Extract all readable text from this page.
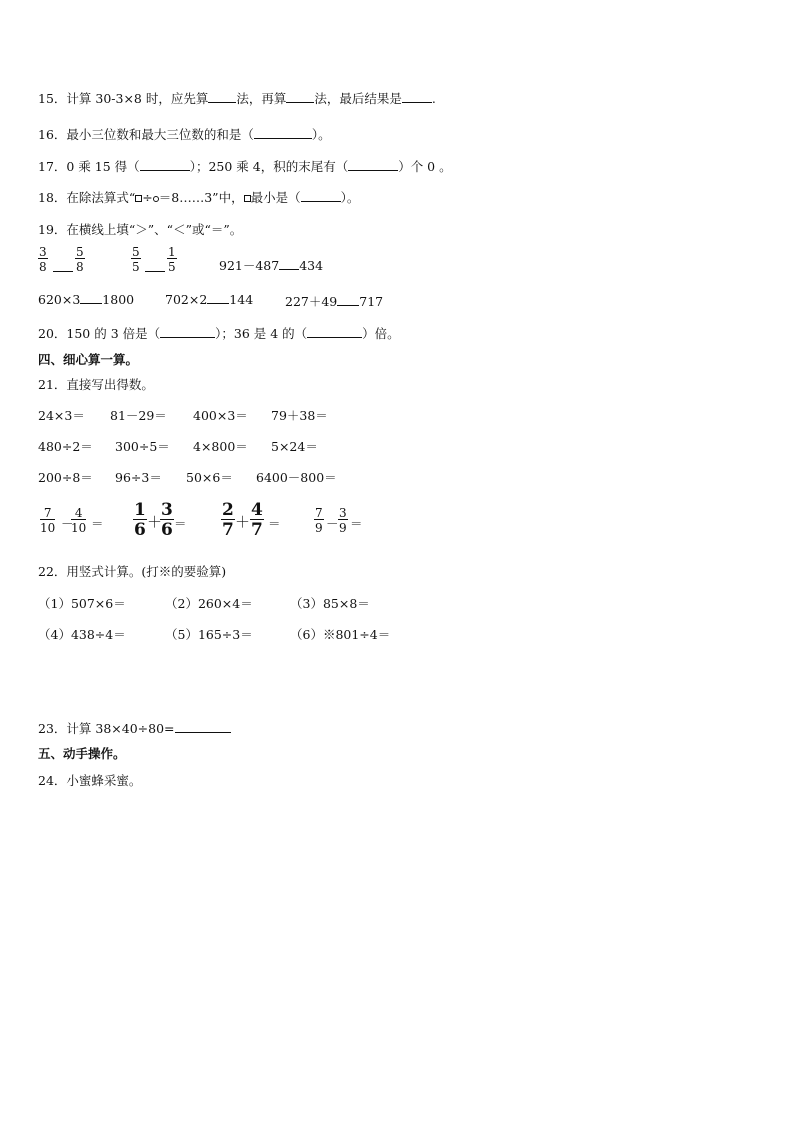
15．计算 30-3×8 时，应先算 法，再算 法，最后结果是 .
16．最小三位数和最大三位数的和是（	）。
17．0 乘 15 得（	）；250 乘 4，积的末尾有（	）个 0 。
18．在除法算式“ ÷ ＝8……3”中， 最小是（	）。
19．在横线上填“＞”、“＜”或“＝”。
3
8
5
8
5
5
1
5	921－487 434
620×3 1800 702×2 144	227＋49 717
20．150 的 3 倍是（	）；36 是 4 的（	）倍。
四、细心算一算。
21．直接写出得数。
24×3＝ 81－29＝ 400×3＝ 79＋38＝
480÷2＝ 300÷5＝ 4×800＝ 5×24＝
200÷8＝ 96÷3＝ 50×6＝ 6400－800＝
7
10 －
4
10 ＝
1
6 ＋
3
6 ＝
2
7 ＋
4
7 ＝
7
9 －
3
9 ＝
22．用竖式计算。(打※的要验算)
（1）507×6＝	（2）260×4＝	（3）85×8＝
（4）438÷4＝	（5）165÷3＝	（6）※801÷4＝
23．计算 38×40÷80=
五、动手操作。
24．小蜜蜂采蜜。
